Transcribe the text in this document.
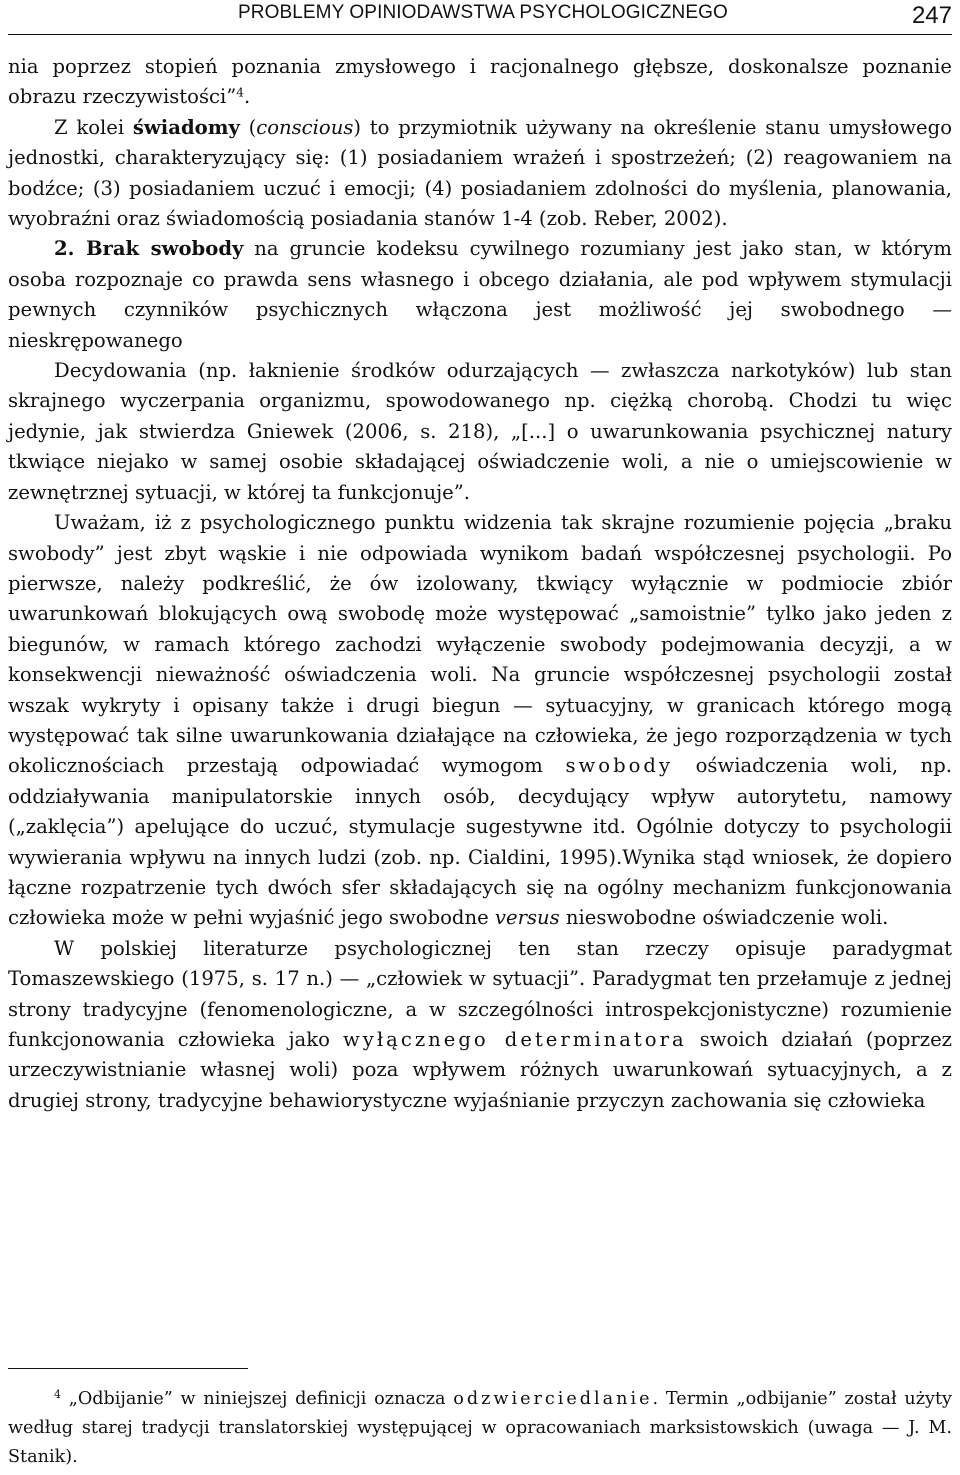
PROBLEMY OPINIODAWSTWA PSYCHOLOGICZNEGO	247

nia poprzez stopień poznania zmysłowego i racjonalnego głębsze, doskonalsze poznanie obrazu rzeczywistości”$^4$.

Z kolei świadomy (conscious) to przymiotnik używany na określenie stanu umysłowego jednostki, charakteryzujący się: (1) posiadaniem wrażeń i spostrzeżeń; (2) reagowaniem na bodźce; (3) posiadaniem uczuć i emocji; (4) posiadaniem zdolności do myślenia, planowania, wyobraźni oraz świadomością posiadania stanów 1-4 (zob. Reber, 2002).

2. Brak swobody na gruncie kodeksu cywilnego rozumiany jest jako stan, w którym osoba rozpoznaje co prawda sens własnego i obcego działania, ale pod wpływem stymulacji pewnych czynników psychicznych włączona jest możliwość jej swobodnego — nieskrępowanego

Decydowania (np. łaknienie środków odurzających — zwłaszcza narkotyków) lub stan skrajnego wyczerpania organizmu, spowodowanego np. ciężką chorobą. Chodzi tu więc jedynie, jak stwierdza Gniewek (2006, s. 218), „[...] o uwarunkowania psychicznej natury tkwiące niejako w samej osobie składającej oświadczenie woli, a nie o umiejscowienie w zewnętrznej sytuacji, w której ta funkcjonuje”.

Uważam, iż z psychologicznego punktu widzenia tak skrajne rozumienie pojęcia „braku swobody” jest zbyt wąskie i nie odpowiada wynikom badań współczesnej psychologii. Po pierwsze, należy podkreślić, że ów izolowany, tkwiący wyłącznie w podmiocie zbiór uwarunkowań blokujących ową swobodę może występować „samoistnie” tylko jako jeden z biegunów, w ramach którego zachodzi wyłączenie swobody podejmowania decyzji, a w konsekwencji nieważność oświadczenia woli. Na gruncie współczesnej psychologii został wszak wykryty i opisany także i drugi biegun — sytuacyjny, w granicach którego mogą występować tak silne uwarunkowania działające na człowieka, że jego rozporządzenia w tych okolicznościach przestają odpowiadać wymogom swobody oświadczenia woli, np. oddziaływania manipulatorskie innych osób, decydujący wpływ autorytetu, namowy („zaklęcia”) apelujące do uczuć, stymulacje sugestywne itd. Ogólnie dotyczy to psychologii wywierania wpływu na innych ludzi (zob. np. Cialdini, 1995).Wynika stąd wniosek, że dopiero łączne rozpatrzenie tych dwóch sfer składających się na ogólny mechanizm funkcjonowania człowieka może w pełni wyjaśnić jego swobodne versus nieswobodne oświadczenie woli.

W polskiej literaturze psychologicznej ten stan rzeczy opisuje paradygmat Tomaszewskiego (1975, s. 17 n.) — „człowiek w sytuacji”. Paradygmat ten przełamuje z jednej strony tradycyjne (fenomenologiczne, a w szczególności introspekcjonistyczne) rozumienie funkcjonowania człowieka jako wyłącznego determinatora swoich działań (poprzez urzeczywistnianie własnej woli) poza wpływem różnych uwarunkowań sytuacyjnych, a z drugiej strony, tradycyjne behawiorystyczne wyjaśnianie przyczyn zachowania się człowieka

$^4$ „Odbijanie” w niniejszej definicji oznacza odzwierciedlanie. Termin „odbijanie” został użyty według starej tradycji translatorskiej występującej w opracowaniach marksistowskich (uwaga — J. M. Stanik).
